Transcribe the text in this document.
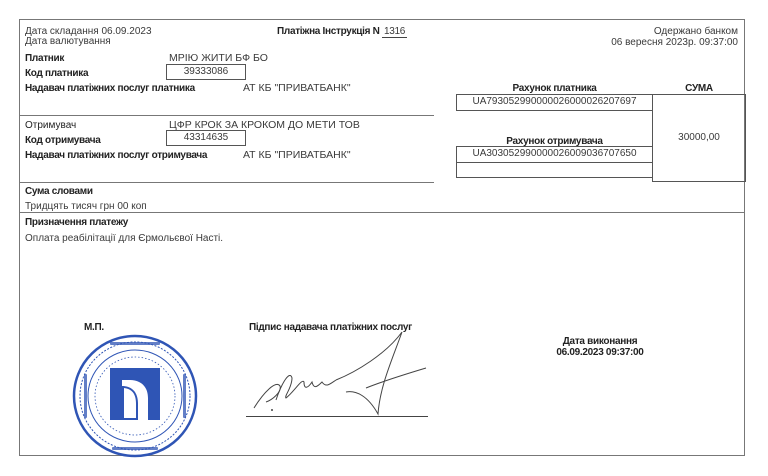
Дата складання 06.09.2023
Дата валютування
Платіжна Інструкція N 1316	Одержано банком
06 вересня 2023р. 09:37:00
Платник	МРІЮ ЖИТИ БФ БО
Код платника	39333086
Надавач платіжних послуг платника	АТ КБ "ПРИВАТБАНК"	Рахунок платника
UA793052990000026000026207697
СУМА
30000,00
Отримувач	ЦФР КРОК ЗА КРОКОМ ДО МЕТИ ТОВ
Код отримувача	43314635
Надавач платіжних послуг отримувача	АТ КБ "ПРИВАТБАНК"
Рахунок отримувача
UA303052990000026009036707650
Сума словами
Тридцять тисяч грн 00 коп
Призначення платежу
Оплата реабілітації для Єрмольєвої Насті.
М.П.	Підпис надавача платіжних послуг
Дата виконання
06.09.2023 09:37:00
